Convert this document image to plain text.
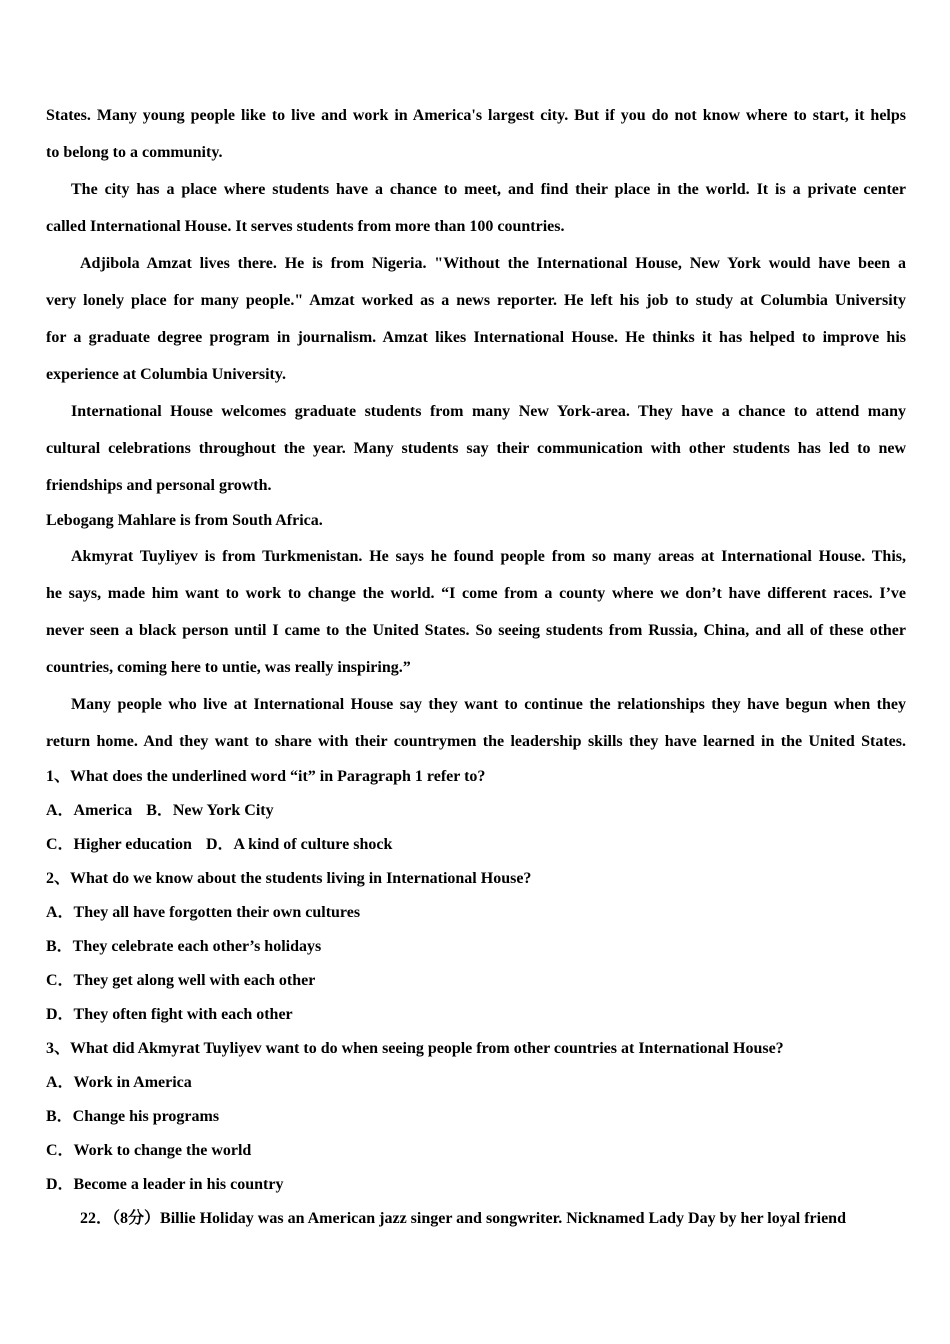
States. Many young people like to live and work in America's largest city. But if you do not know where to start, it helps
to belong to a community.
The city has a place where students have a chance to meet, and find their place in the world. It is a private center
called International House. It serves students from more than 100 countries.
Adjibola Amzat lives there. He is from Nigeria. "Without the International House, New York would have been a
very lonely place for many people." Amzat worked as a news reporter. He left his job to study at Columbia University
for a graduate degree program in journalism. Amzat likes International House. He thinks it has helped to improve his
experience at Columbia University.
International House welcomes graduate students from many New York-area. They have a chance to attend many
cultural celebrations throughout the year. Many students say their communication with other students has led to new
friendships and personal growth.
Lebogang Mahlare is from South Africa.
Akmyrat Tuyliyev is from Turkmenistan. He says he found people from so many areas at International House. This,
he says, made him want to work to change the world. “I come from a county where we don’t have different races. I’ve
never seen a black person until I came to the United States. So seeing students from Russia, China, and all of these other
countries, coming here to untie, was really inspiring.”
Many people who live at International House say they want to continue the relationships they have begun when they
return home. And they want to share with their countrymen the leadership skills they have learned in the United States.
1、What does the underlined word “it” in Paragraph 1 refer to?
A．America B．New York City
C．Higher education D．A kind of culture shock
2、What do we know about the students living in International House?
A．They all have forgotten their own cultures
B．They celebrate each other’s holidays
C．They get along well with each other
D．They often fight with each other
3、What did Akmyrat Tuyliyev want to do when seeing people from other countries at International House?
A．Work in America
B．Change his programs
C．Work to change the world
D．Become a leader in his country
22．（8分）Billie Holiday was an American jazz singer and songwriter. Nicknamed Lady Day by her loyal friend
